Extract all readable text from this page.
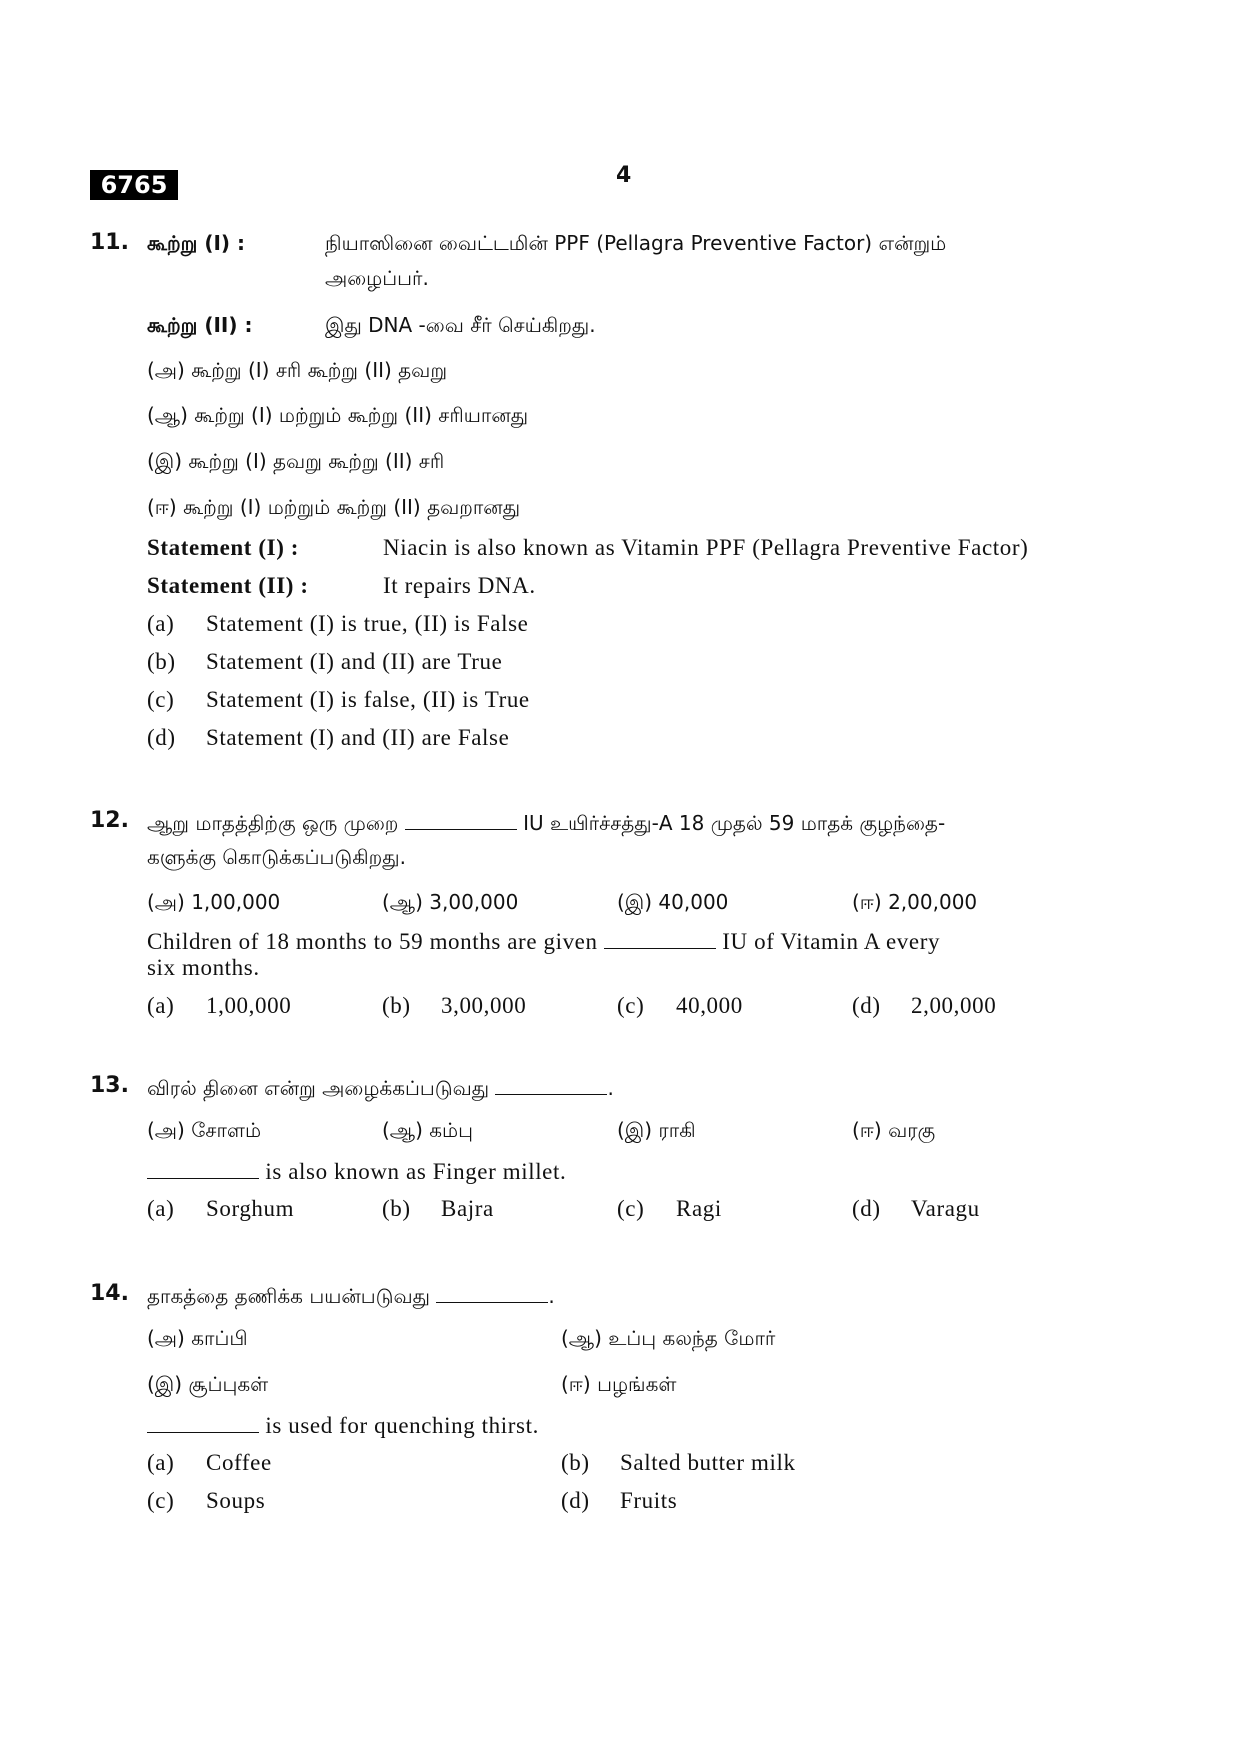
6765	4
11. கூற்று (I) :	நியாஸினை வைட்டமின் PPF (Pellagra Preventive Factor) என்றும்
அழைப்பர்.
கூற்று (II) :	இது DNA -வை சீர் செய்கிறது.
(அ) கூற்று (I) சரி கூற்று (II) தவறு
(ஆ) கூற்று (I) மற்றும் கூற்று (II) சரியானது
(இ) கூற்று (I) தவறு கூற்று (II) சரி
(ஈ) கூற்று (I) மற்றும் கூற்று (II) தவறானது
Statement (I) :	Niacin is also known as Vitamin PPF (Pellagra Preventive Factor)
Statement (II) :	It repairs DNA.
(a) Statement (I) is true, (II) is False
(b) Statement (I) and (II) are True
(c) Statement (I) is false, (II) is True
(d) Statement (I) and (II) are False
12. ஆறு மாதத்திற்கு ஒரு முறை	IU உயிர்ச்சத்து-A 18 முதல் 59 மாதக் குழந்தை-
களுக்கு கொடுக்கப்படுகிறது.
(அ) 1,00,000	(ஆ) 3,00,000	(இ) 40,000	(ஈ) 2,00,000
Children of 18 months to 59 months are given	IU of Vitamin A every
six months.
(a) 1,00,000	(b) 3,00,000	(c) 40,000	(d) 2,00,000
13. விரல் தினை என்று அழைக்கப்படுவது	.
(அ) சோளம்	(ஆ) கம்பு	(இ) ராகி	(ஈ) வரகு
is also known as Finger millet.
(a) Sorghum	(b) Bajra	(c) Ragi	(d) Varagu
14. தாகத்தை தணிக்க பயன்படுவது	.
(அ) காப்பி	(ஆ) உப்பு கலந்த மோர்
(இ) சூப்புகள்	(ஈ) பழங்கள்
is used for quenching thirst.
(a) Coffee	(b) Salted butter milk
(c) Soups	(d) Fruits
